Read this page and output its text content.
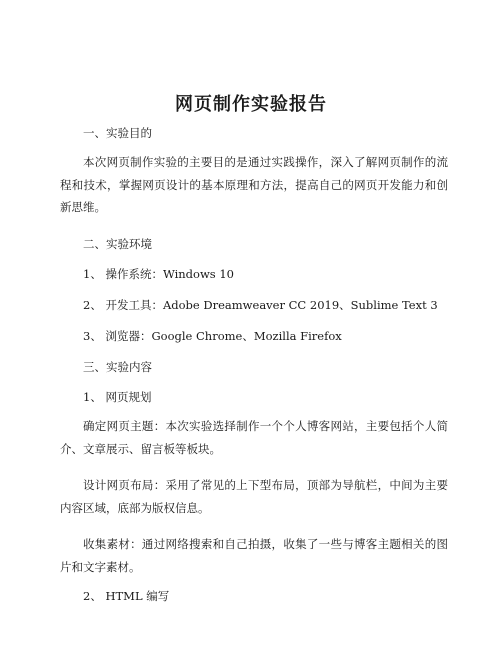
网页制作实验报告

一、实验目的

本次网页制作实验的主要目的是通过实践操作，深入了解网页制作的流程和技术，掌握网页设计的基本原理和方法，提高自己的网页开发能力和创新思维。

二、实验环境

1、 操作系统：Windows 10

2、 开发工具：Adobe Dreamweaver CC 2019、Sublime Text 3

3、 浏览器：Google Chrome、Mozilla Firefox

三、实验内容

1、 网页规划

确定网页主题：本次实验选择制作一个个人博客网站，主要包括个人简介、文章展示、留言板等板块。

设计网页布局：采用了常见的上下型布局，顶部为导航栏，中间为主要内容区域，底部为版权信息。

收集素材：通过网络搜索和自己拍摄，收集了一些与博客主题相关的图片和文字素材。

2、 HTML 编写
